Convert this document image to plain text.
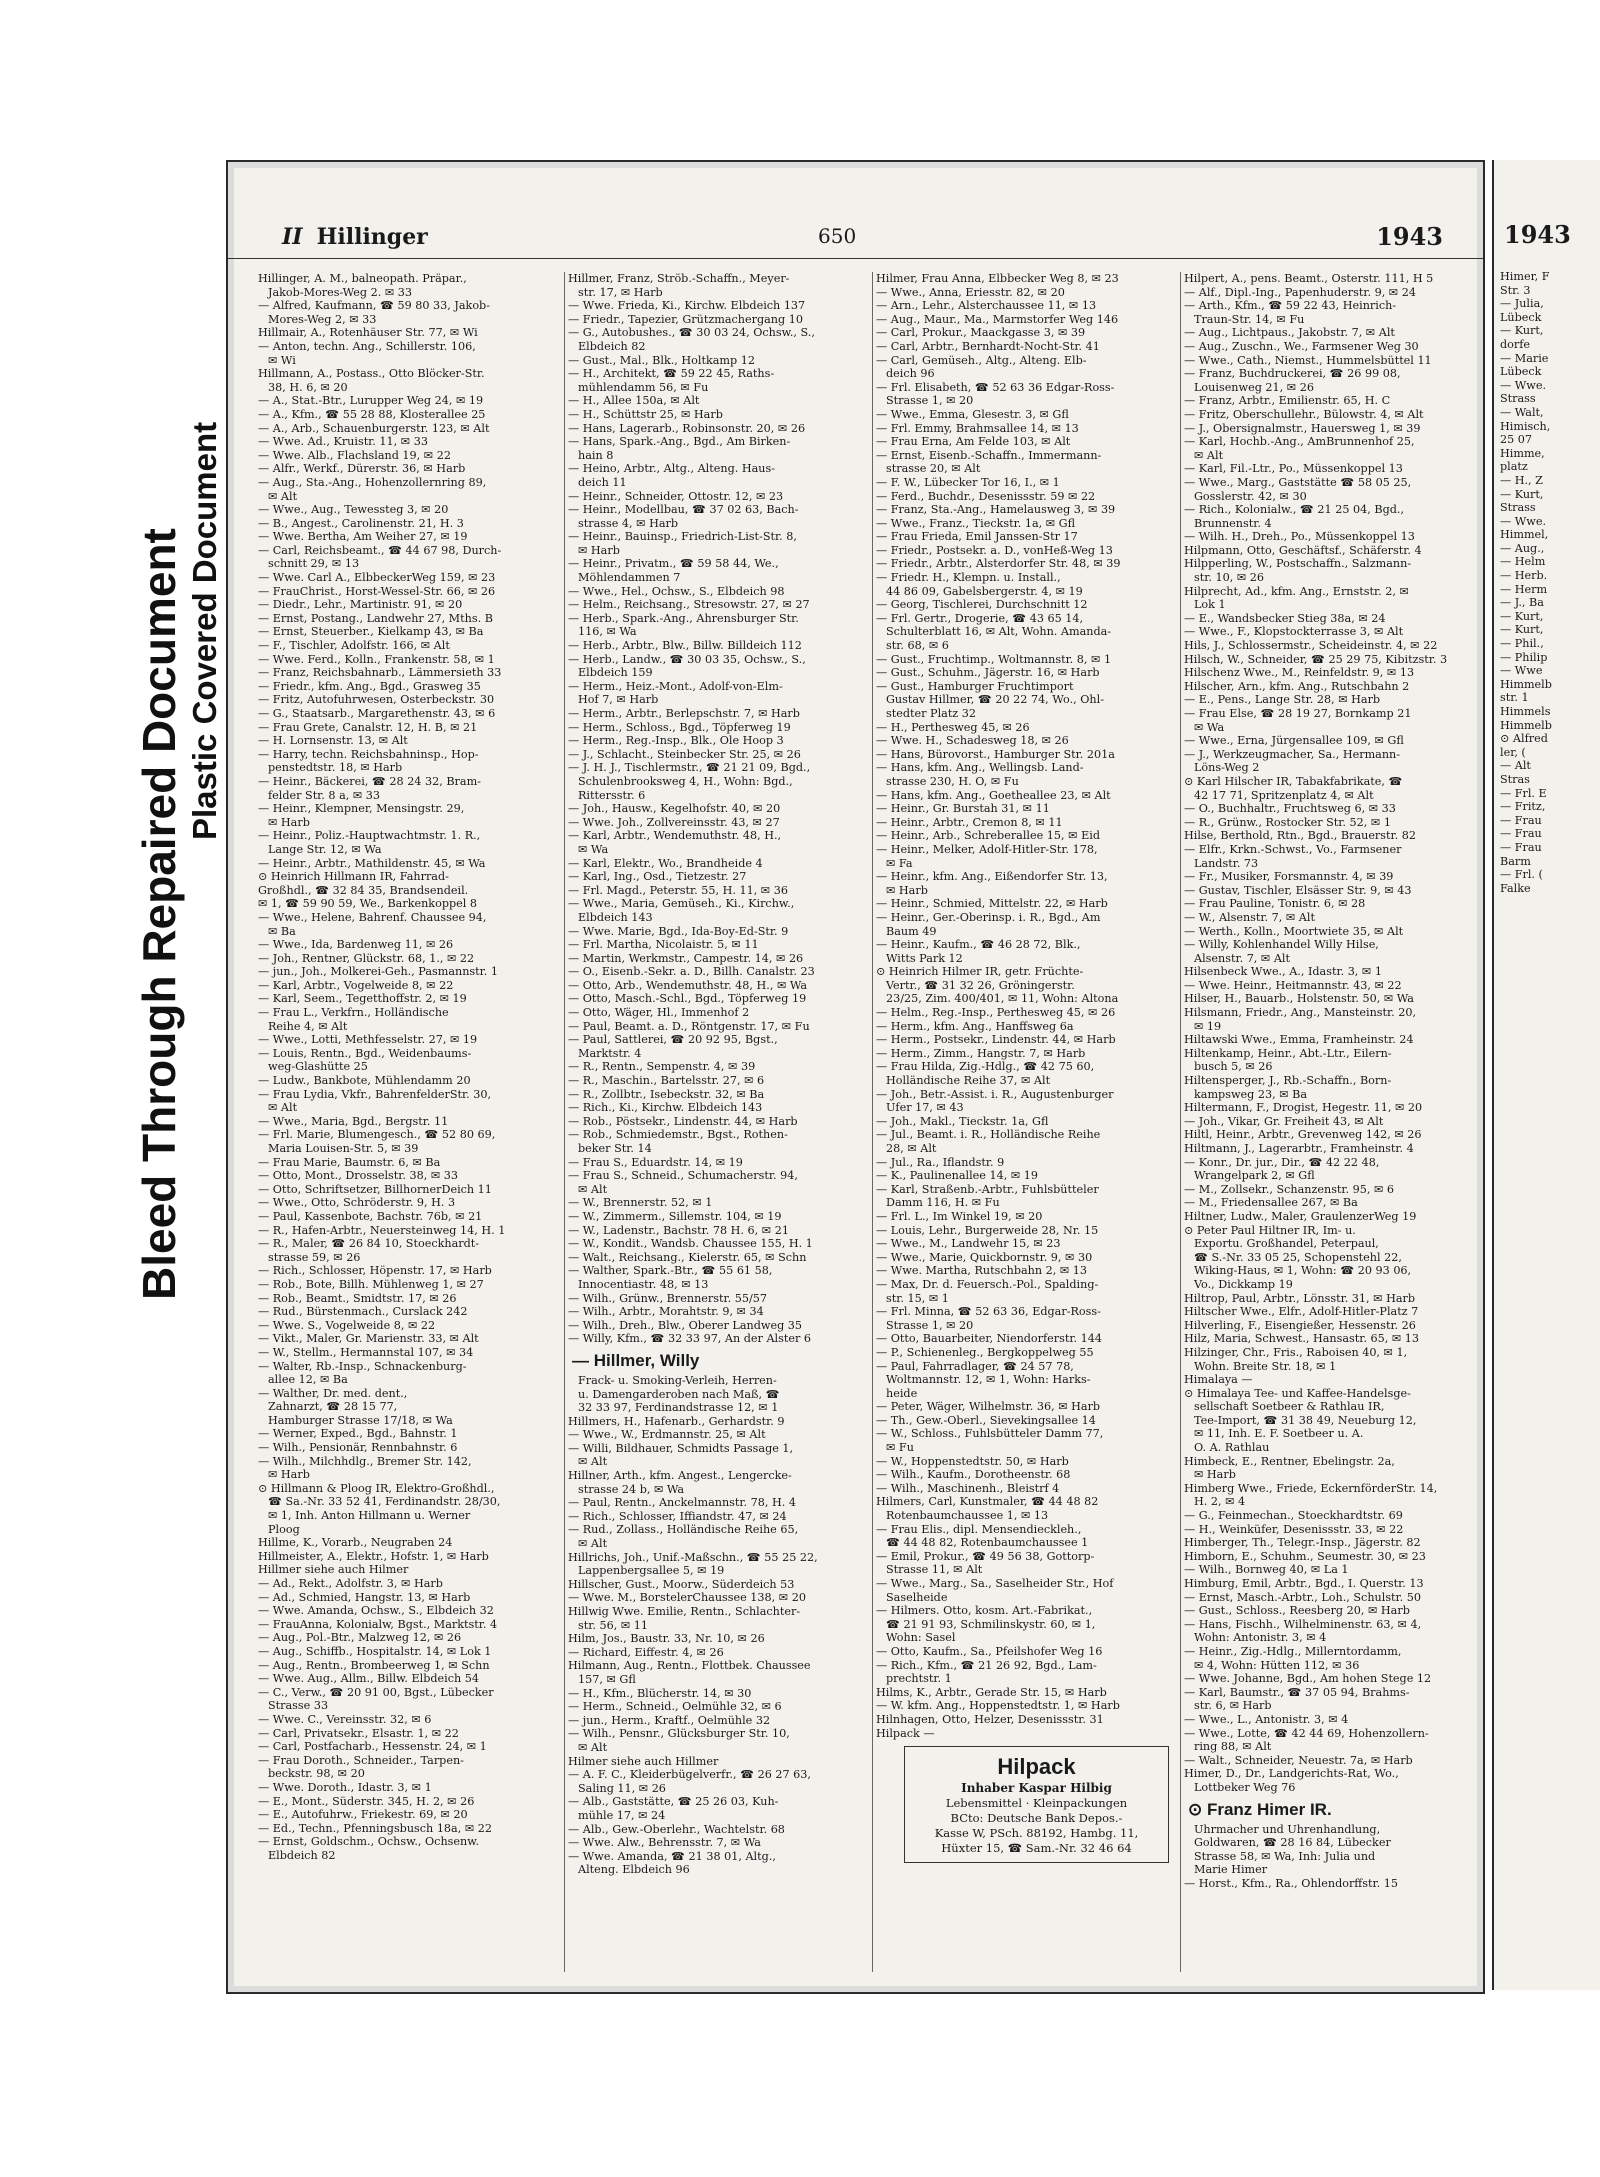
Bleed Through Repaired Document Plastic Covered Document
II Hillinger	650	1943
Hillinger, A. M., balneopath. Präpar.,
Jakob-Mores-Weg 2. ✉ 33
— Alfred, Kaufmann, ☎ 59 80 33, Jakob-
Mores-Weg 2, ✉ 33
Hillmair, A., Rotenhäuser Str. 77, ✉ Wi
— Anton, techn. Ang., Schillerstr. 106,
✉ Wi
Hillmann, A., Postass., Otto Blöcker-Str.
38, H. 6, ✉ 20
— A., Stat.-Btr., Lurupper Weg 24, ✉ 19
— A., Kfm., ☎ 55 28 88, Klosterallee 25
— A., Arb., Schauenburgerstr. 123, ✉ Alt
— Wwe. Ad., Kruistr. 11, ✉ 33
— Wwe. Alb., Flachsland 19, ✉ 22
— Alfr., Werkf., Dürerstr. 36, ✉ Harb
— Aug., Sta.-Ang., Hohenzollernring 89,
✉ Alt
— Wwe., Aug., Tewessteg 3, ✉ 20
— B., Angest., Carolinenstr. 21, H. 3
— Wwe. Bertha, Am Weiher 27, ✉ 19
— Carl, Reichsbeamt., ☎ 44 67 98, Durch-
schnitt 29, ✉ 13
— Wwe. Carl A., ElbbeckerWeg 159, ✉ 23
— FrauChrist., Horst-Wessel-Str. 66, ✉ 26
— Diedr., Lehr., Martinistr. 91, ✉ 20
— Ernst, Postang., Landwehr 27, Mths. B
— Ernst, Steuerber., Kielkamp 43, ✉ Ba
— F., Tischler, Adolfstr. 166, ✉ Alt
— Wwe. Ferd., Kolln., Frankenstr. 58, ✉ 1
— Franz, Reichsbahnarb., Lämmersieth 33
— Friedr., kfm. Ang., Bgd., Grasweg 35
— Fritz, Autofuhrwesen, Osterbeckstr. 30
— G., Staatsarb., Margarethenstr. 43, ✉ 6
— Frau Grete, Canalstr. 12, H. B, ✉ 21
— H. Lornsenstr. 13, ✉ Alt
— Harry, techn. Reichsbahninsp., Hop-
penstedtstr. 18, ✉ Harb
— Heinr., Bäckerei, ☎ 28 24 32, Bram-
felder Str. 8 a, ✉ 33
— Heinr., Klempner, Mensingstr. 29,
✉ Harb
— Heinr., Poliz.-Hauptwachtmstr. 1. R.,
Lange Str. 12, ✉ Wa
— Heinr., Arbtr., Mathildenstr. 45, ✉ Wa
⊙ Heinrich Hillmann IR, Fahrrad-
Großhdl., ☎ 32 84 35, Brandsendeil.
✉ 1, ☎ 59 90 59, We., Barkenkoppel 8
— Wwe., Helene, Bahrenf. Chaussee 94,
✉ Ba
— Wwe., Ida, Bardenweg 11, ✉ 26
— Joh., Rentner, Glückstr. 68, 1., ✉ 22
— jun., Joh., Molkerei-Geh., Pasmannstr. 1
— Karl, Arbtr., Vogelweide 8, ✉ 22
— Karl, Seem., Tegetthoffstr. 2, ✉ 19
— Frau L., Verkfrn., Holländische
Reihe 4, ✉ Alt
— Wwe., Lotti, Methfesselstr. 27, ✉ 19
— Louis, Rentn., Bgd., Weidenbaums-
weg-Glashütte 25
— Ludw., Bankbote, Mühlendamm 20
— Frau Lydia, Vkfr., BahrenfelderStr. 30,
✉ Alt
— Wwe., Maria, Bgd., Bergstr. 11
— Frl. Marie, Blumengesch., ☎ 52 80 69,
Maria Louisen-Str. 5, ✉ 39
— Frau Marie, Baumstr. 6, ✉ Ba
— Otto, Mont., Drosselstr. 38, ✉ 33
— Otto, Schriftsetzer, BillhornerDeich 11
— Wwe., Otto, Schröderstr. 9, H. 3
— Paul, Kassenbote, Bachstr. 76b, ✉ 21
— R., Hafen-Arbtr., Neuersteinweg 14, H. 1
— R., Maler, ☎ 26 84 10, Stoeckhardt-
strasse 59, ✉ 26
— Rich., Schlosser, Höpenstr. 17, ✉ Harb
— Rob., Bote, Billh. Mühlenweg 1, ✉ 27
— Rob., Beamt., Smidtstr. 17, ✉ 26
— Rud., Bürstenmach., Curslack 242
— Wwe. S., Vogelweide 8, ✉ 22
— Vikt., Maler, Gr. Marienstr. 33, ✉ Alt
— W., Stellm., Hermannstal 107, ✉ 34
— Walter, Rb.-Insp., Schnackenburg-
allee 12, ✉ Ba
— Walther, Dr. med. dent.,
Zahnarzt, ☎ 28 15 77,
Hamburger Strasse 17/18, ✉ Wa
— Werner, Exped., Bgd., Bahnstr. 1
— Wilh., Pensionär, Rennbahnstr. 6
— Wilh., Milchhdlg., Bremer Str. 142,
✉ Harb
⊙ Hillmann & Ploog IR, Elektro-Großhdl.,
☎ Sa.-Nr. 33 52 41, Ferdinandstr. 28/30,
✉ 1, Inh. Anton Hillmann u. Werner
Ploog
Hillme, K., Vorarb., Neugraben 24
Hillmeister, A., Elektr., Hofstr. 1, ✉ Harb
Hillmer siehe auch Hilmer
— Ad., Rekt., Adolfstr. 3, ✉ Harb
— Ad., Schmied, Hangstr. 13, ✉ Harb
— Wwe. Amanda, Ochsw., S., Elbdeich 32
— FrauAnna, Kolonialw, Bgst., Marktstr. 4
— Aug., Pol.-Btr., Malzweg 12, ✉ 26
— Aug., Schiffb., Hospitalstr. 14, ✉ Lok 1
— Aug., Rentn., Brombeerweg 1, ✉ Schn
— Wwe. Aug., Allm., Billw. Elbdeich 54
— C., Verw., ☎ 20 91 00, Bgst., Lübecker
Strasse 33
— Wwe. C., Vereinsstr. 32, ✉ 6
— Carl, Privatsekr., Elsastr. 1, ✉ 22
— Carl, Postfacharb., Hessenstr. 24, ✉ 1
— Frau Doroth., Schneider., Tarpen-
beckstr. 98, ✉ 20
— Wwe. Doroth., Idastr. 3, ✉ 1
— E., Mont., Süderstr. 345, H. 2, ✉ 26
— E., Autofuhrw., Friekestr. 69, ✉ 20
— Ed., Techn., Pfenningsbusch 18a, ✉ 22
— Ernst, Goldschm., Ochsw., Ochsenw.
Elbdeich 82
Hillmer, Franz, Ströb.-Schaffn., Meyer-
str. 17, ✉ Harb
— Wwe. Frieda, Ki., Kirchw. Elbdeich 137
— Friedr., Tapezier, Grützmachergang 10
— G., Autobushes., ☎ 30 03 24, Ochsw., S.,
Elbdeich 82
— Gust., Mal., Blk., Holtkamp 12
— H., Architekt, ☎ 59 22 45, Raths-
mühlendamm 56, ✉ Fu
— H., Allee 150a, ✉ Alt
— H., Schüttstr 25, ✉ Harb
— Hans, Lagerarb., Robinsonstr. 20, ✉ 26
— Hans, Spark.-Ang., Bgd., Am Birken-
hain 8
— Heino, Arbtr., Altg., Alteng. Haus-
deich 11
— Heinr., Schneider, Ottostr. 12, ✉ 23
— Heinr., Modellbau, ☎ 37 02 63, Bach-
strasse 4, ✉ Harb
— Heinr., Bauinsp., Friedrich-List-Str. 8,
✉ Harb
— Heinr., Privatm., ☎ 59 58 44, We.,
Möhlendammen 7
— Wwe., Hel., Ochsw., S., Elbdeich 98
— Helm., Reichsang., Stresowstr. 27, ✉ 27
— Herb., Spark.-Ang., Ahrensburger Str.
116, ✉ Wa
— Herb., Arbtr., Blw., Billw. Billdeich 112
— Herb., Landw., ☎ 30 03 35, Ochsw., S.,
Elbdeich 159
— Herm., Heiz.-Mont., Adolf-von-Elm-
Hof 7, ✉ Harb
— Herm., Arbtr., Berlepschstr. 7, ✉ Harb
— Herm., Schloss., Bgd., Töpferweg 19
— Herm., Reg.-Insp., Blk., Ole Hoop 3
— J., Schlacht., Steinbecker Str. 25, ✉ 26
— J. H. J., Tischlermstr., ☎ 21 21 09, Bgd.,
Schulenbrooksweg 4, H., Wohn: Bgd.,
Rittersstr. 6
— Joh., Hausw., Kegelhofstr. 40, ✉ 20
— Wwe. Joh., Zollvereinsstr. 43, ✉ 27
— Karl, Arbtr., Wendemuthstr. 48, H.,
✉ Wa
— Karl, Elektr., Wo., Brandheide 4
— Karl, Ing., Osd., Tietzestr. 27
— Frl. Magd., Peterstr. 55, H. 11, ✉ 36
— Wwe., Maria, Gemüseh., Ki., Kirchw.,
Elbdeich 143
— Wwe. Marie, Bgd., Ida-Boy-Ed-Str. 9
— Frl. Martha, Nicolaistr. 5, ✉ 11
— Martin, Werkmstr., Campestr. 14, ✉ 26
— O., Eisenb.-Sekr. a. D., Billh. Canalstr. 23
— Otto, Arb., Wendemuthstr. 48, H., ✉ Wa
— Otto, Masch.-Schl., Bgd., Töpferweg 19
— Otto, Wäger, Hl., Immenhof 2
— Paul, Beamt. a. D., Röntgenstr. 17, ✉ Fu
— Paul, Sattlerei, ☎ 20 92 95, Bgst.,
Marktstr. 4
— R., Rentn., Sempenstr. 4, ✉ 39
— R., Maschin., Bartelsstr. 27, ✉ 6
— R., Zollbtr., Isebeckstr. 32, ✉ Ba
— Rich., Ki., Kirchw. Elbdeich 143
— Rob., Pöstsekr., Lindenstr. 44, ✉ Harb
— Rob., Schmiedemstr., Bgst., Rothen-
beker Str. 14
— Frau S., Eduardstr. 14, ✉ 19
— Frau S., Schneid., Schumacherstr. 94,
✉ Alt
— W., Brennerstr. 52, ✉ 1
— W., Zimmerm., Sillemstr. 104, ✉ 19
— W., Ladenstr., Bachstr. 78 H. 6, ✉ 21
— W., Kondit., Wandsb. Chaussee 155, H. 1
— Walt., Reichsang., Kielerstr. 65, ✉ Schn
— Walther, Spark.-Btr., ☎ 55 61 58,
Innocentiastr. 48, ✉ 13
— Wilh., Grünw., Brennerstr. 55/57
— Wilh., Arbtr., Morahtstr. 9, ✉ 34
— Wilh., Dreh., Blw., Oberer Landweg 35
— Willy, Kfm., ☎ 32 33 97, An der Alster 6
— Hillmer, Willy
Frack- u. Smoking-Verleih, Herren-
u. Damengarderoben nach Maß, ☎
32 33 97, Ferdinandstrasse 12, ✉ 1
Hillmers, H., Hafenarb., Gerhardstr. 9
— Wwe., W., Erdmannstr. 25, ✉ Alt
— Willi, Bildhauer, Schmidts Passage 1,
✉ Alt
Hillner, Arth., kfm. Angest., Lengercke-
strasse 24 b, ✉ Wa
— Paul, Rentn., Anckelmannstr. 78, H. 4
— Rich., Schlosser, Iffiandstr. 47, ✉ 24
— Rud., Zollass., Holländische Reihe 65,
✉ Alt
Hillrichs, Joh., Unif.-Maßschn., ☎ 55 25 22,
Lappenbergsallee 5, ✉ 19
Hillscher, Gust., Moorw., Süderdeich 53
— Wwe. M., BorstelerChaussee 138, ✉ 20
Hillwig Wwe. Emilie, Rentn., Schlachter-
str. 56, ✉ 11
Hilm, Jos., Baustr. 33, Nr. 10, ✉ 26
— Richard, Eiffestr. 4, ✉ 26
Hilmann, Aug., Rentn., Flottbek. Chaussee
157, ✉ Gfl
— H., Kfm., Blücherstr. 14, ✉ 30
— Herm., Schneid., Oelmühle 32, ✉ 6
— jun., Herm., Kraftf., Oelmühle 32
— Wilh., Pensnr., Glücksburger Str. 10,
✉ Alt
Hilmer siehe auch Hillmer
— A. F. C., Kleiderbügelverfr., ☎ 26 27 63,
Saling 11, ✉ 26
— Alb., Gaststätte, ☎ 25 26 03, Kuh-
mühle 17, ✉ 24
— Alb., Gew.-Oberlehr., Wachtelstr. 68
— Wwe. Alw., Behrensstr. 7, ✉ Wa
— Wwe. Amanda, ☎ 21 38 01, Altg.,
Alteng. Elbdeich 96
Hilmer, Frau Anna, Elbbecker Weg 8, ✉ 23
— Wwe., Anna, Eriesstr. 82, ✉ 20
— Arn., Lehr., Alsterchaussee 11, ✉ 13
— Aug., Maur., Ma., Marmstorfer Weg 146
— Carl, Prokur., Maackgasse 3, ✉ 39
— Carl, Arbtr., Bernhardt-Nocht-Str. 41
— Carl, Gemüseh., Altg., Alteng. Elb-
deich 96
— Frl. Elisabeth, ☎ 52 63 36 Edgar-Ross-
Strasse 1, ✉ 20
— Wwe., Emma, Glesestr. 3, ✉ Gfl
— Frl. Emmy, Brahmsallee 14, ✉ 13
— Frau Erna, Am Felde 103, ✉ Alt
— Ernst, Eisenb.-Schaffn., Immermann-
strasse 20, ✉ Alt
— F. W., Lübecker Tor 16, I., ✉ 1
— Ferd., Buchdr., Desenissstr. 59 ✉ 22
— Franz, Sta.-Ang., Hamelausweg 3, ✉ 39
— Wwe., Franz., Tieckstr. 1a, ✉ Gfl
— Frau Frieda, Emil Janssen-Str 17
— Friedr., Postsekr. a. D., vonHeß-Weg 13
— Friedr., Arbtr., Alsterdorfer Str. 48, ✉ 39
— Friedr. H., Klempn. u. Install.,
44 86 09, Gabelsbergerstr. 4, ✉ 19
— Georg, Tischlerei, Durchschnitt 12
— Frl. Gertr., Drogerie, ☎ 43 65 14,
Schulterblatt 16, ✉ Alt, Wohn. Amanda-
str. 68, ✉ 6
— Gust., Fruchtimp., Woltmannstr. 8, ✉ 1
— Gust., Schuhm., Jägerstr. 16, ✉ Harb
— Gust., Hamburger Fruchtimport
Gustav Hillmer, ☎ 20 22 74, Wo., Ohl-
stedter Platz 32
— H., Perthesweg 45, ✉ 26
— Wwe. H., Schadesweg 18, ✉ 26
— Hans, Bürovorst., Hamburger Str. 201a
— Hans, kfm. Ang., Wellingsb. Land-
strasse 230, H. O, ✉ Fu
— Hans, kfm. Ang., Goetheallee 23, ✉ Alt
— Heinr., Gr. Burstah 31, ✉ 11
— Heinr., Arbtr., Cremon 8, ✉ 11
— Heinr., Arb., Schreberallee 15, ✉ Eid
— Heinr., Melker, Adolf-Hitler-Str. 178,
✉ Fa
— Heinr., kfm. Ang., Eißendorfer Str. 13,
✉ Harb
— Heinr., Schmied, Mittelstr. 22, ✉ Harb
— Heinr., Ger.-Oberinsp. i. R., Bgd., Am
Baum 49
— Heinr., Kaufm., ☎ 46 28 72, Blk.,
Witts Park 12
⊙ Heinrich Hilmer IR, getr. Früchte-
Vertr., ☎ 31 32 26, Gröningerstr.
23/25, Zim. 400/401, ✉ 11, Wohn: Altona
— Helm., Reg.-Insp., Perthesweg 45, ✉ 26
— Herm., kfm. Ang., Hanffsweg 6a
— Herm., Postsekr., Lindenstr. 44, ✉ Harb
— Herm., Zimm., Hangstr. 7, ✉ Harb
— Frau Hilda, Zig.-Hdlg., ☎ 42 75 60,
Holländische Reihe 37, ✉ Alt
— Joh., Betr.-Assist. i. R., Augustenburger
Ufer 17, ✉ 43
— Joh., Makl., Tieckstr. 1a, Gfl
— Jul., Beamt. i. R., Holländische Reihe
28, ✉ Alt
— Jul., Ra., Iflandstr. 9
— K., Paulinenallee 14, ✉ 19
— Karl, Straßenb.-Arbtr., Fuhlsbütteler
Damm 116, H. ✉ Fu
— Frl. L., Im Winkel 19, ✉ 20
— Louis, Lehr., Burgerweide 28, Nr. 15
— Wwe., M., Landwehr 15, ✉ 23
— Wwe., Marie, Quickbornstr. 9, ✉ 30
— Wwe. Martha, Rutschbahn 2, ✉ 13
— Max, Dr. d. Feuersch.-Pol., Spalding-
str. 15, ✉ 1
— Frl. Minna, ☎ 52 63 36, Edgar-Ross-
Strasse 1, ✉ 20
— Otto, Bauarbeiter, Niendorferstr. 144
— P., Schienenleg., Bergkoppelweg 55
— Paul, Fahrradlager, ☎ 24 57 78,
Woltmannstr. 12, ✉ 1, Wohn: Harks-
heide
— Peter, Wäger, Wilhelmstr. 36, ✉ Harb
— Th., Gew.-Oberl., Sievekingsallee 14
— W., Schloss., Fuhlsbütteler Damm 77,
✉ Fu
— W., Hoppenstedtstr. 50, ✉ Harb
— Wilh., Kaufm., Dorotheenstr. 68
— Wilh., Maschinenh., Bleistrf 4
Hilmers, Carl, Kunstmaler, ☎ 44 48 82
Rotenbaumchaussee 1, ✉ 13
— Frau Elis., dipl. Mensendieckleh.,
☎ 44 48 82, Rotenbaumchaussee 1
— Emil, Prokur., ☎ 49 56 38, Gottorp-
Strasse 11, ✉ Alt
— Wwe., Marg., Sa., Saselheider Str., Hof
Saselheide
— Hilmers. Otto, kosm. Art.-Fabrikat.,
☎ 21 91 93, Schmilinskystr. 60, ✉ 1,
Wohn: Sasel
— Otto, Kaufm., Sa., Pfeilshofer Weg 16
— Rich., Kfm., ☎ 21 26 92, Bgd., Lam-
prechtstr. 1
Hilms, K., Arbtr., Gerade Str. 15, ✉ Harb
— W. kfm. Ang., Hoppenstedtstr. 1, ✉ Harb
Hilnhagen, Otto, Helzer, Desenissstr. 31
Hilpack —
Hilpack
Inhaber Kaspar Hilbig
Lebensmittel · Kleinpackungen
BCto: Deutsche Bank Depos.-
Kasse W, PSch. 88192, Hambg. 11,
Hüxter 15, ☎ Sam.-Nr. 32 46 64
Hilpert, A., pens. Beamt., Osterstr. 111, H 5
— Alf., Dipl.-Ing., Papenhuderstr. 9, ✉ 24
— Arth., Kfm., ☎ 59 22 43, Heinrich-
Traun-Str. 14, ✉ Fu
— Aug., Lichtpaus., Jakobstr. 7, ✉ Alt
— Aug., Zuschn., We., Farmsener Weg 30
— Wwe., Cath., Niemst., Hummelsbüttel 11
— Franz, Buchdruckerei, ☎ 26 99 08,
Louisenweg 21, ✉ 26
— Franz, Arbtr., Emilienstr. 65, H. C
— Fritz, Oberschullehr., Bülowstr. 4, ✉ Alt
— J., Obersignalmstr., Hauersweg 1, ✉ 39
— Karl, Hochb.-Ang., AmBrunnenhof 25,
✉ Alt
— Karl, Fil.-Ltr., Po., Müssenkoppel 13
— Wwe., Marg., Gaststätte ☎ 58 05 25,
Gosslerstr. 42, ✉ 30
— Rich., Kolonialw., ☎ 21 25 04, Bgd.,
Brunnenstr. 4
— Wilh. H., Dreh., Po., Müssenkoppel 13
Hilpmann, Otto, Geschäftsf., Schäferstr. 4
Hilpperling, W., Postschaffn., Salzmann-
str. 10, ✉ 26
Hilprecht, Ad., kfm. Ang., Ernststr. 2, ✉
Lok 1
— E., Wandsbecker Stieg 38a, ✉ 24
— Wwe., F., Klopstockterrasse 3, ✉ Alt
Hils, J., Schlossermstr., Scheideinstr. 4, ✉ 22
Hilsch, W., Schneider, ☎ 25 29 75, Kibitzstr. 3
Hilschenz Wwe., M., Reinfeldstr. 9, ✉ 13
Hilscher, Arn., kfm. Ang., Rutschbahn 2
— E., Pens., Lange Str. 28, ✉ Harb
— Frau Else, ☎ 28 19 27, Bornkamp 21
✉ Wa
— Wwe., Erna, Jürgensallee 109, ✉ Gfl
— J., Werkzeugmacher, Sa., Hermann-
Löns-Weg 2
⊙ Karl Hilscher IR, Tabakfabrikate, ☎
42 17 71, Spritzenplatz 4, ✉ Alt
— O., Buchhaltr., Fruchtsweg 6, ✉ 33
— R., Grünw., Rostocker Str. 52, ✉ 1
Hilse, Berthold, Rtn., Bgd., Brauerstr. 82
— Elfr., Krkn.-Schwst., Vo., Farmsener
Landstr. 73
— Fr., Musiker, Forsmannstr. 4, ✉ 39
— Gustav, Tischler, Elsässer Str. 9, ✉ 43
— Frau Pauline, Tonistr. 6, ✉ 28
— W., Alsenstr. 7, ✉ Alt
— Werth., Kolln., Moortwiete 35, ✉ Alt
— Willy, Kohlenhandel Willy Hilse,
Alsenstr. 7, ✉ Alt
Hilsenbeck Wwe., A., Idastr. 3, ✉ 1
— Wwe. Heinr., Heitmannstr. 43, ✉ 22
Hilser, H., Bauarb., Holstenstr. 50, ✉ Wa
Hilsmann, Friedr., Ang., Mansteinstr. 20,
✉ 19
Hiltawski Wwe., Emma, Framheinstr. 24
Hiltenkamp, Heinr., Abt.-Ltr., Eilern-
busch 5, ✉ 26
Hiltensperger, J., Rb.-Schaffn., Born-
kampsweg 23, ✉ Ba
Hiltermann, F., Drogist, Hegestr. 11, ✉ 20
— Joh., Vikar, Gr. Freiheit 43, ✉ Alt
Hiltl, Heinr., Arbtr., Grevenweg 142, ✉ 26
Hiltmann, J., Lagerarbtr., Framheinstr. 4
— Konr., Dr. jur., Dir., ☎ 42 22 48,
Wrangelpark 2, ✉ Gfl
— M., Zollsekr., Schanzenstr. 95, ✉ 6
— M., Friedensallee 267, ✉ Ba
Hiltner, Ludw., Maler, GraulenzerWeg 19
⊙ Peter Paul Hiltner IR, Im- u.
Exportu. Großhandel, Peterpaul,
☎ S.-Nr. 33 05 25, Schopenstehl 22,
Wiking-Haus, ✉ 1, Wohn: ☎ 20 93 06,
Vo., Dickkamp 19
Hiltrop, Paul, Arbtr., Lönsstr. 31, ✉ Harb
Hiltscher Wwe., Elfr., Adolf-Hitler-Platz 7
Hilverling, F., Eisengießer, Hessenstr. 26
Hilz, Maria, Schwest., Hansastr. 65, ✉ 13
Hilzinger, Chr., Fris., Raboisen 40, ✉ 1,
Wohn. Breite Str. 18, ✉ 1
Himalaya —
⊙ Himalaya Tee- und Kaffee-Handelsge-
sellschaft Soetbeer & Rathlau IR,
Tee-Import, ☎ 31 38 49, Neueburg 12,
✉ 11, Inh. E. F. Soetbeer u. A.
O. A. Rathlau
Himbeck, E., Rentner, Ebelingstr. 2a,
✉ Harb
Himberg Wwe., Friede, EckernförderStr. 14,
H. 2, ✉ 4
— G., Feinmechan., Stoeckhardtstr. 69
— H., Weinküfer, Desenissstr. 33, ✉ 22
Himberger, Th., Telegr.-Insp., Jägerstr. 82
Himborn, E., Schuhm., Seumestr. 30, ✉ 23
— Wilh., Bornweg 40, ✉ La 1
Himburg, Emil, Arbtr., Bgd., I. Querstr. 13
— Ernst, Masch.-Arbtr., Loh., Schulstr. 50
— Gust., Schloss., Reesberg 20, ✉ Harb
— Hans, Fischh., Wilhelminenstr. 63, ✉ 4,
Wohn: Antonistr. 3, ✉ 4
— Heinr., Zig.-Hdlg., Millerntordamm,
✉ 4, Wohn: Hütten 112, ✉ 36
— Wwe. Johanne, Bgd., Am hohen Stege 12
— Karl, Baumstr., ☎ 37 05 94, Brahms-
str. 6, ✉ Harb
— Wwe., L., Antonistr. 3, ✉ 4
— Wwe., Lotte, ☎ 42 44 69, Hohenzollern-
ring 88, ✉ Alt
— Walt., Schneider, Neuestr. 7a, ✉ Harb
Himer, D., Dr., Landgerichts-Rat, Wo.,
Lottbeker Weg 76
⊙ Franz Himer IR.
Uhrmacher und Uhrenhandlung,
Goldwaren, ☎ 28 16 84, Lübecker
Strasse 58, ✉ Wa, Inh: Julia und
Marie Himer
— Horst., Kfm., Ra., Ohlendorffstr. 15
1943
Himer, F
Str. 3
— Julia,
Lübeck
— Kurt,
dorfe
— Marie
Lübeck
— Wwe.
Strass
— Walt,
Himisch,
25 07
Himme,
platz
— H., Z
— Kurt,
Strass
— Wwe.
Himmel,
— Aug.,
— Helm
— Herb.
— Herm
— J., Ba
— Kurt,
— Kurt,
— Phil.,
— Philip
— Wwe
Himmelb
str. 1
Himmels
Himmelb
⊙ Alfred
ler, (
— Alt
Stras
— Frl. E
— Fritz,
— Frau
— Frau
— Frau
Barm
— Frl. (
Falke
